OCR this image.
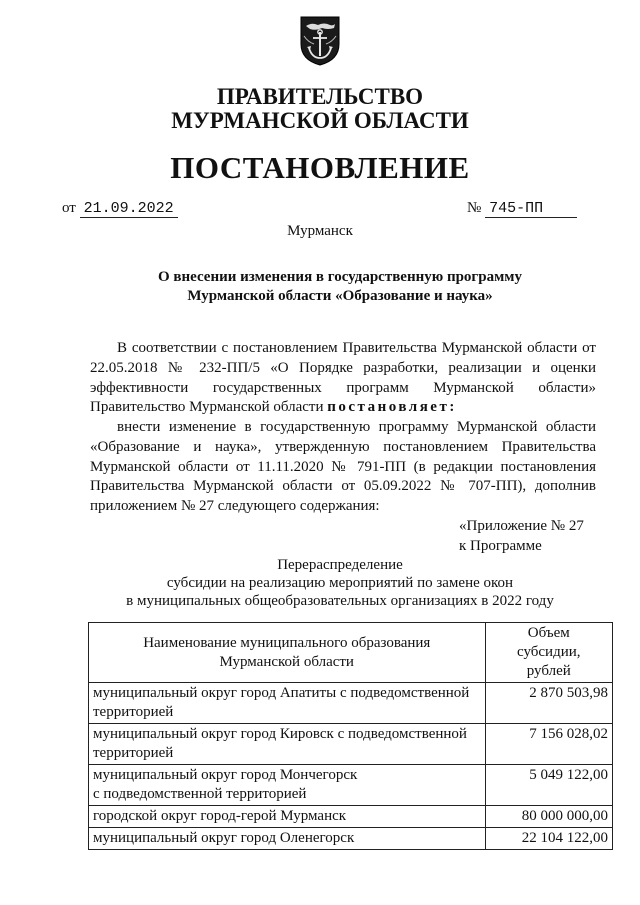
ПРАВИТЕЛЬСТВО
МУРМАНСКОЙ ОБЛАСТИ
ПОСТАНОВЛЕНИЕ
от 21.09.2022	№ 745-ПП
Мурманск
О внесении изменения в государственную программу
Мурманской области «Образование и наука»
В соответствии с постановлением Правительства Мурманской области от 22.05.2018 № 232-ПП/5 «О Порядке разработки, реализации и оценки эффективности государственных программ Мурманской области» Правительство Мурманской области постановляет:
внести изменение в государственную программу Мурманской области «Образование и наука», утвержденную постановлением Правительства Мурманской области от 11.11.2020 № 791-ПП (в редакции постановления Правительства Мурманской области от 05.09.2022 № 707-ПП), дополнив приложением № 27 следующего содержания:
«Приложение № 27
к Программе
Перераспределение
субсидии на реализацию мероприятий по замене окон
в муниципальных общеобразовательных организациях в 2022 году
Наименование муниципального образования
Мурманской области	Объем
субсидии,
рублей
муниципальный округ город Апатиты с подведомственной территорией	2 870 503,98
муниципальный округ город Кировск с подведомственной территорией	7 156 028,02
муниципальный округ город Мончегорск
с подведомственной территорией	5 049 122,00
городской округ город-герой Мурманск	80 000 000,00
муниципальный округ город Оленегорск	22 104 122,00
